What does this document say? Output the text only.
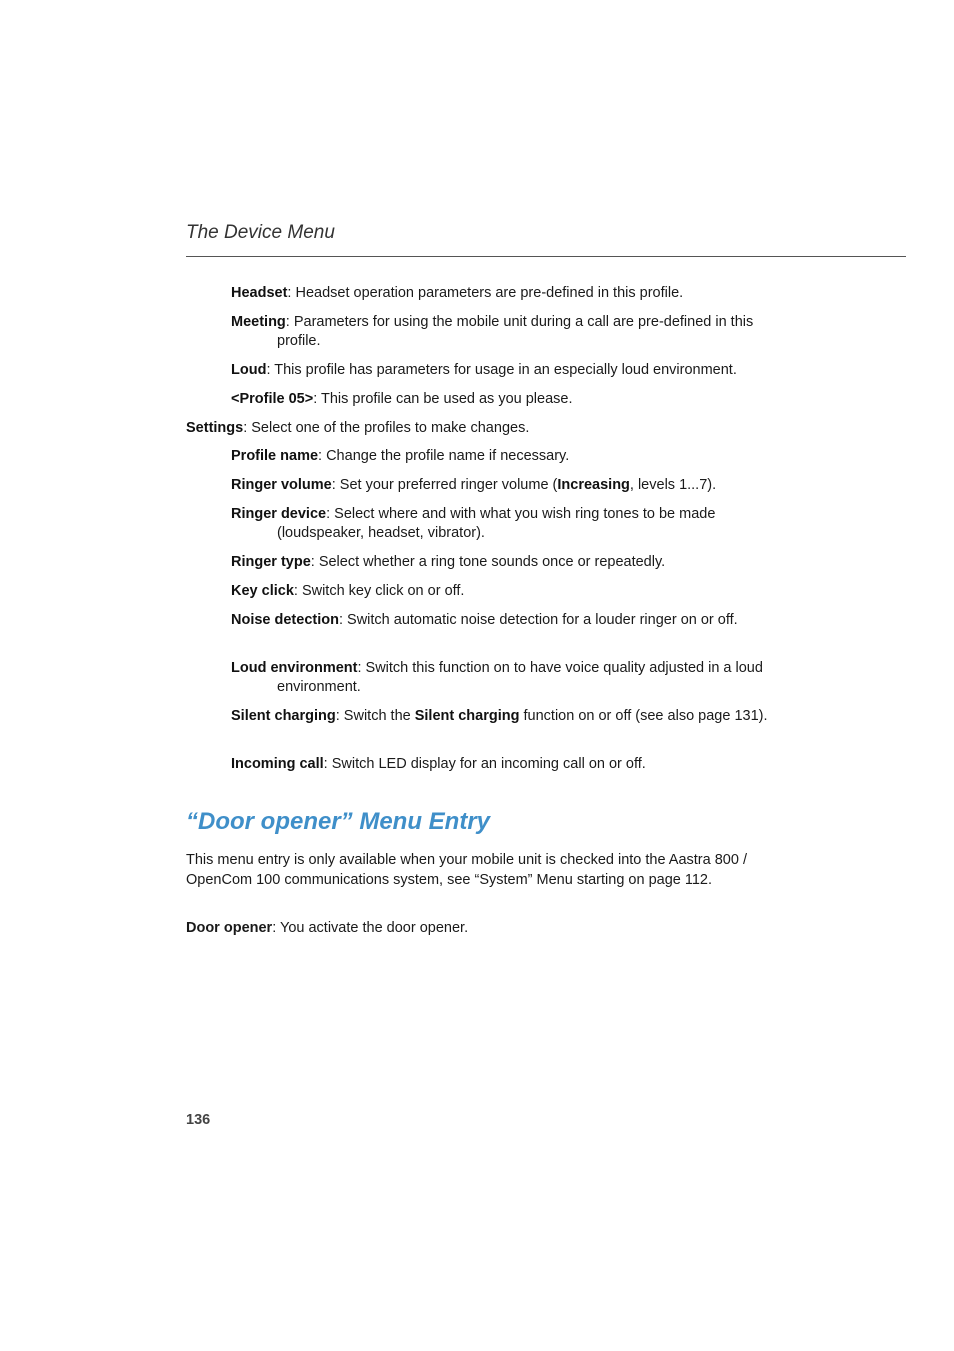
The Device Menu
Headset: Headset operation parameters are pre-defined in this profile.
Meeting: Parameters for using the mobile unit during a call are pre-defined in this profile.
Loud: This profile has parameters for usage in an especially loud environment.
<Profile 05>: This profile can be used as you please.
Settings: Select one of the profiles to make changes.
Profile name: Change the profile name if necessary.
Ringer volume: Set your preferred ringer volume (Increasing, levels 1...7).
Ringer device: Select where and with what you wish ring tones to be made (loudspeaker, headset, vibrator).
Ringer type: Select whether a ring tone sounds once or repeatedly.
Key click: Switch key click on or off.
Noise detection: Switch automatic noise detection for a louder ringer on or off.
Loud environment: Switch this function on to have voice quality adjusted in a loud environment.
Silent charging: Switch the Silent charging function on or off (see also page 131).
Incoming call: Switch LED display for an incoming call on or off.
“Door opener” Menu Entry
This menu entry is only available when your mobile unit is checked into the Aastra 800 / OpenCom 100 communications system, see “System” Menu starting on page 112.
Door opener: You activate the door opener.
136
